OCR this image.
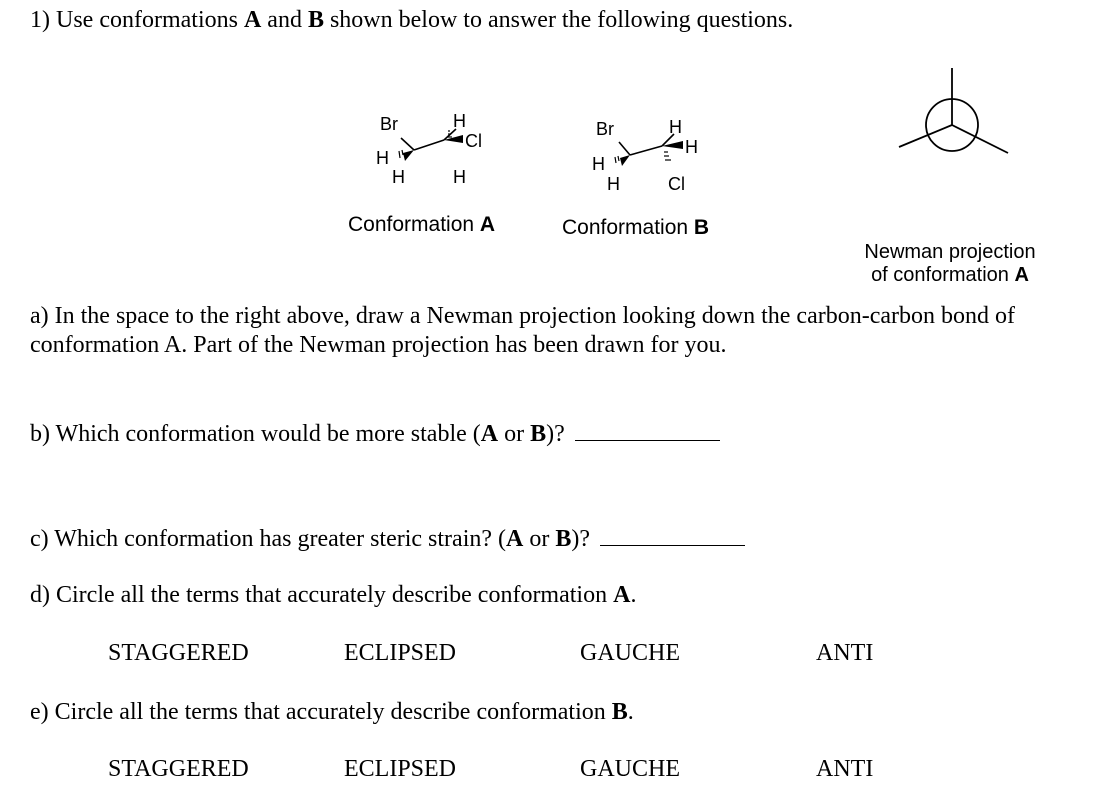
1) Use conformations A and B shown below to answer the following questions.
Br	H
Cl
H
H	H
Conformation A
Br	H
H
H
H	Cl
Conformation B
Newman projection
of conformation A
a) In the space to the right above, draw a Newman projection looking down the carbon-carbon bond of
conformation A. Part of the Newman projection has been drawn for you.
b) Which conformation would be more stable (A or B)?
c) Which conformation has greater steric strain? (A or B)?
d) Circle all the terms that accurately describe conformation A.
STAGGERED	ECLIPSED	GAUCHE	ANTI
e) Circle all the terms that accurately describe conformation B.
STAGGERED	ECLIPSED	GAUCHE	ANTI
